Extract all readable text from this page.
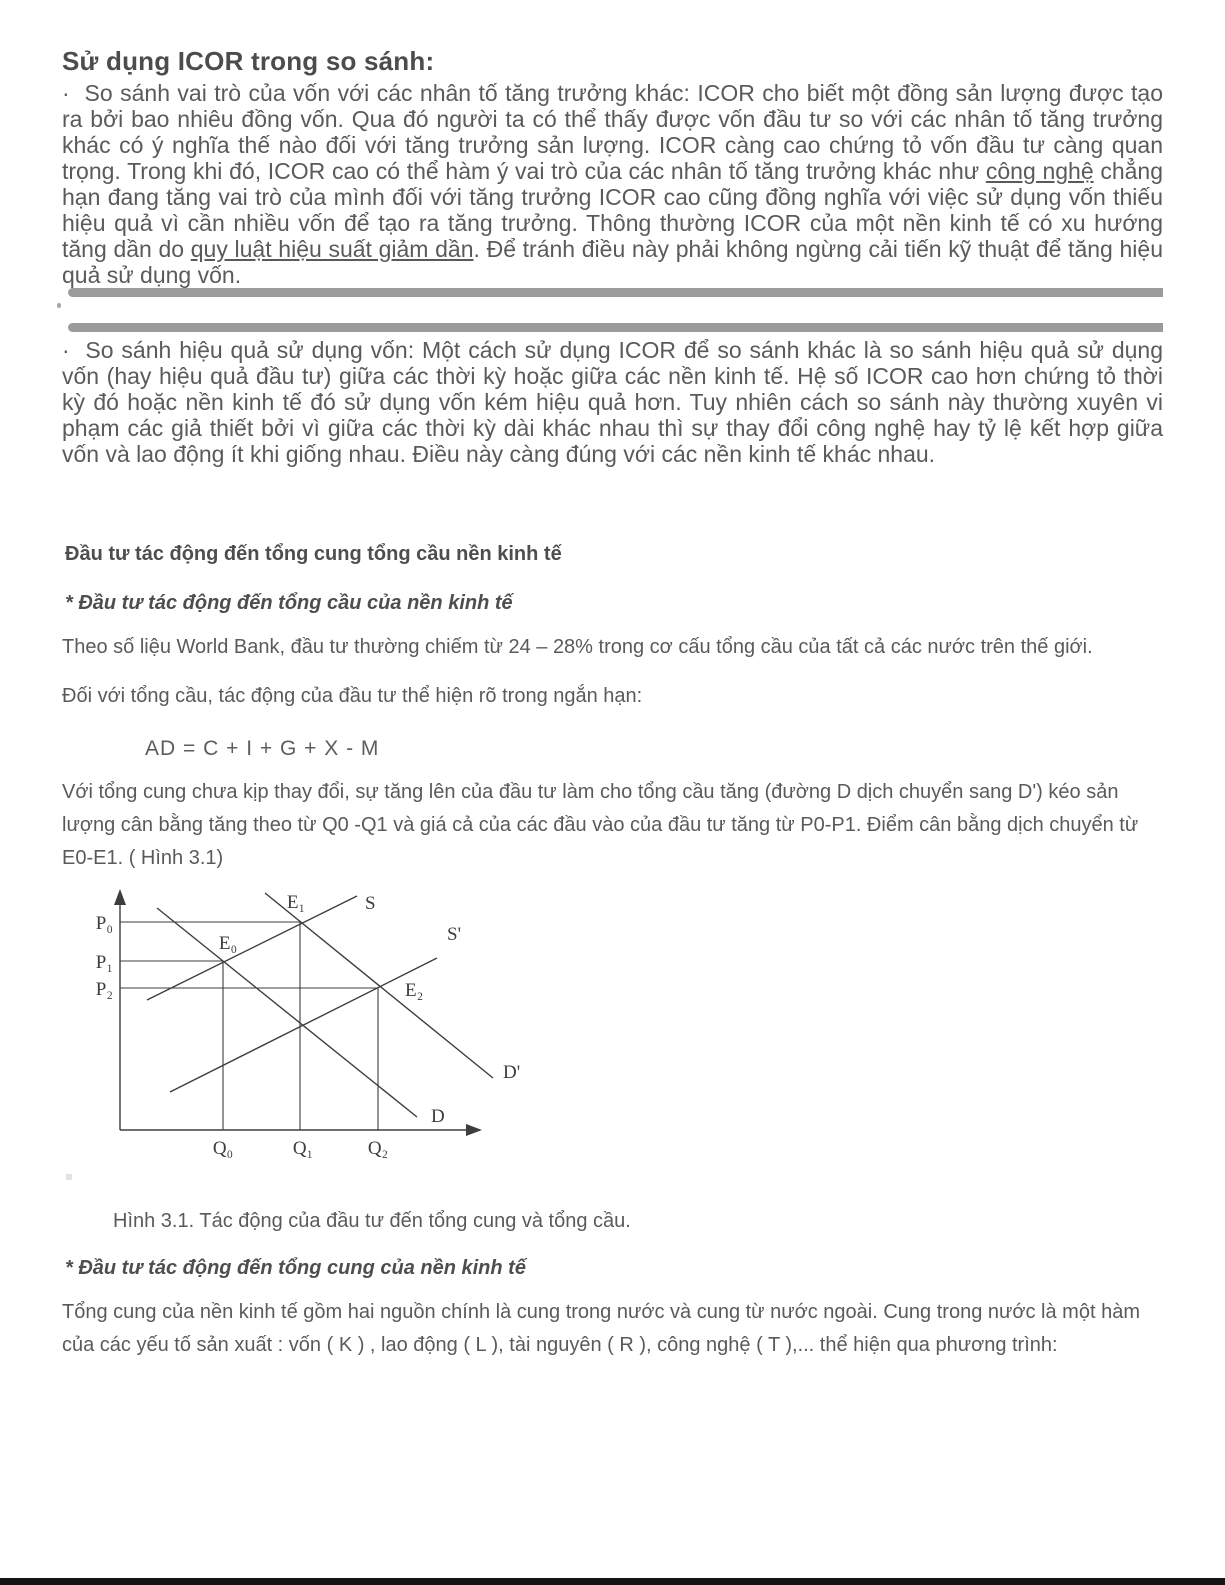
Sử dụng ICOR trong so sánh:

·  So sánh vai trò của vốn với các nhân tố tăng trưởng khác: ICOR cho biết một đồng sản lượng được tạo ra bởi bao nhiêu đồng vốn. Qua đó người ta có thể thấy được vốn đầu tư so với các nhân tố tăng trưởng khác có ý nghĩa thế nào đối với tăng trưởng sản lượng. ICOR càng cao chứng tỏ vốn đầu tư càng quan trọng. Trong khi đó, ICOR cao có thể hàm ý vai trò của các nhân tố tăng trưởng khác như công nghệ chẳng hạn đang tăng vai trò của mình đối với tăng trưởng ICOR cao cũng đồng nghĩa với việc sử dụng vốn thiếu hiệu quả vì cần nhiều vốn để tạo ra tăng trưởng. Thông thường ICOR của một nền kinh tế có xu hướng tăng dần do quy luật hiệu suất giảm dần. Để tránh điều này phải không ngừng cải tiến kỹ thuật để tăng hiệu quả sử dụng vốn.

·  So sánh hiệu quả sử dụng vốn: Một cách sử dụng ICOR để so sánh khác là so sánh hiệu quả sử dụng vốn (hay hiệu quả đầu tư) giữa các thời kỳ hoặc giữa các nền kinh tế. Hệ số ICOR cao hơn chứng tỏ thời kỳ đó hoặc nền kinh tế đó sử dụng vốn kém hiệu quả hơn. Tuy nhiên cách so sánh này thường xuyên vi phạm các giả thiết bởi vì giữa các thời kỳ dài khác nhau thì sự thay đổi công nghệ hay tỷ lệ kết hợp giữa vốn và lao động ít khi giống nhau. Điều này càng đúng với các nền kinh tế khác nhau.

Đầu tư tác động đến tổng cung tổng cầu nền kinh tế
* Đầu tư tác động đến tổng cầu của nền kinh tế

Theo số liệu World Bank, đầu tư thường chiếm từ 24 – 28% trong cơ cấu tổng cầu của tất cả các nước trên thế giới.

Đối với tổng cầu, tác động của đầu tư thể hiện rõ trong ngắn hạn:

AD = C + I + G + X - M

Với tổng cung chưa kịp thay đổi, sự tăng lên của đầu tư làm cho tổng cầu tăng (đường D dịch chuyển sang D') kéo sản lượng cân bằng tăng theo từ Q0 -Q1 và giá cả của các đầu vào của đầu tư tăng từ P0-P1. Điểm cân bằng dịch chuyển từ E0-E1. ( Hình 3.1)

P₀
P₁
P₂
Q₀	Q₁	Q₂
E₀
E₁
E₂
S
S'
D
D'
Hình 3.1. Tác động của đầu tư đến tổng cung và tổng cầu.
* Đầu tư tác động đến tổng cung của nền kinh tế

Tổng cung của nền kinh tế gồm hai nguồn chính là cung trong nước và cung từ nước ngoài. Cung trong nước là một hàm của các yếu tố sản xuất : vốn ( K ) , lao động ( L ), tài nguyên ( R ), công nghệ ( T ),... thể hiện qua phương trình:
